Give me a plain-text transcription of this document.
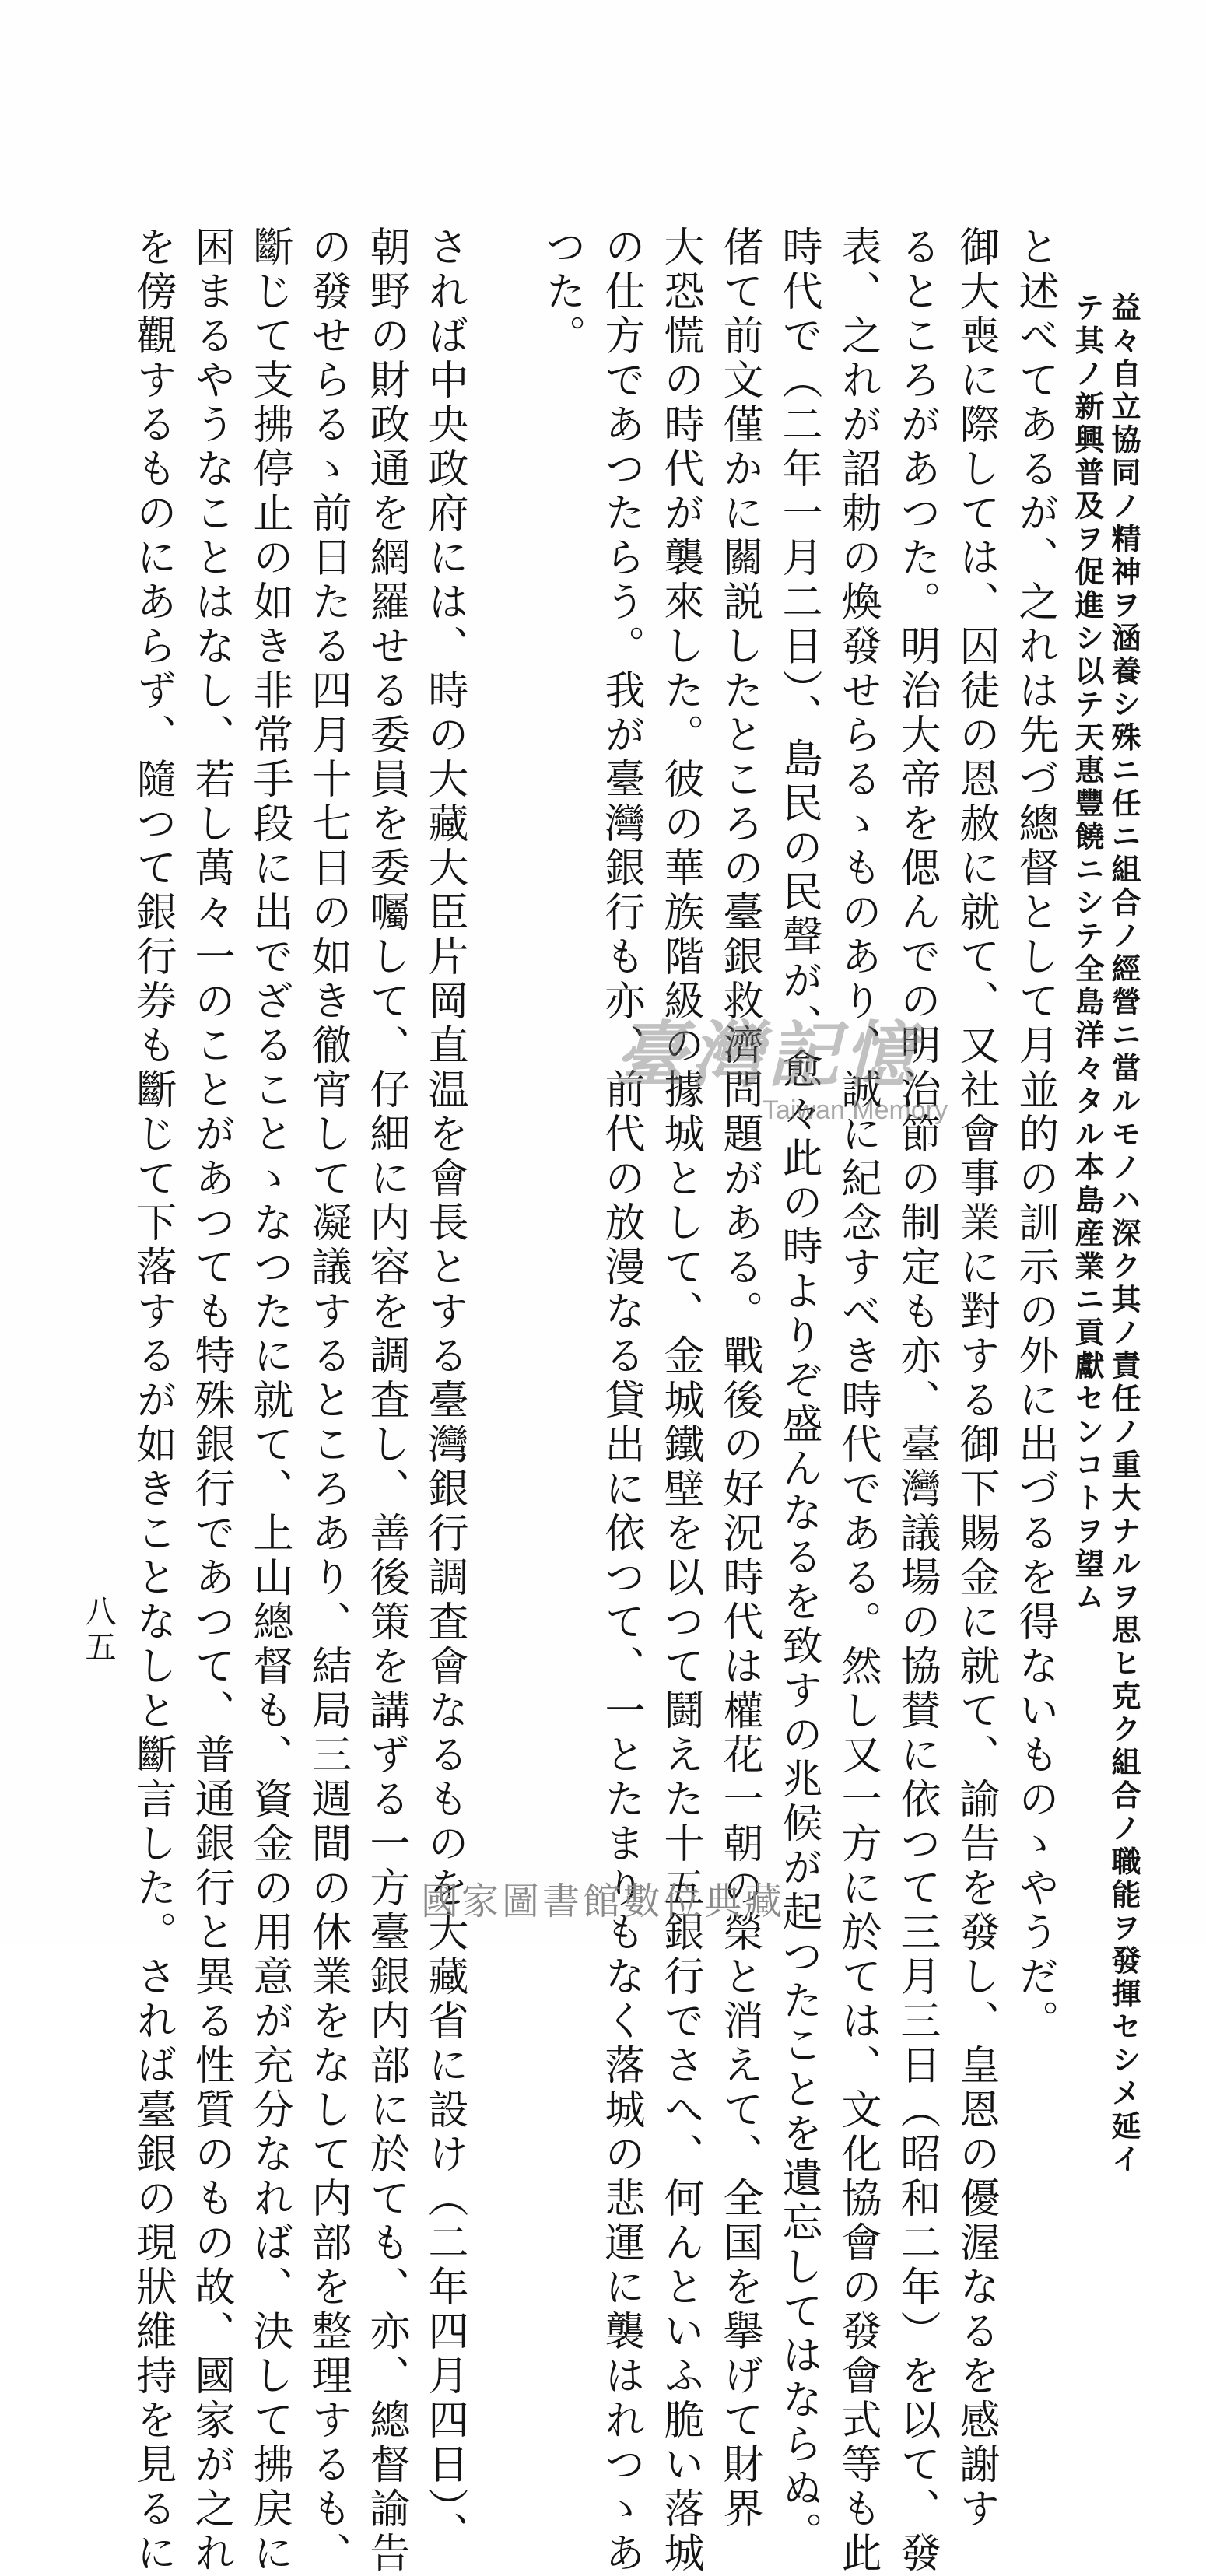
益々自立協同ノ精神ヲ涵養シ殊ニ任ニ組合ノ經營ニ當ルモノハ深ク其ノ責任ノ重大ナルヲ思ヒ克ク組合ノ職能ヲ發揮セシメ延イ
テ其ノ新興普及ヲ促進シ以テ天惠豐饒ニシテ全島洋々タル本島産業ニ貢獻センコトヲ望ム
と述べてあるが、之れは先づ總督として月並的の訓示の外に出づるを得ないものゝやうだ。
御大喪に際しては、囚徒の恩赦に就て、又社會事業に對する御下賜金に就て、諭告を發し、皇恩の優渥なるを感謝す
るところがあつた。明治大帝を偲んでの明治節の制定も亦、臺灣議場の協賛に依つて三月三日（昭和二年）を以て、發
表、之れが詔勅の煥發せらるゝものあり、誠に紀念すべき時代である。然し又一方に於ては、文化協會の發會式等も此
時代で（二年一月二日）、島民の民聲が、愈々此の時よりぞ盛んなるを致すの兆候が起つたことを遺忘してはならぬ。
偖て前文僅かに關説したところの臺銀救濟問題がある。戰後の好況時代は權花一朝の榮と消えて、全国を擧げて財界
大恐慌の時代が襲來した。彼の華族階級の據城として、金城鐵壁を以つて鬪えた十五銀行でさへ、何んといふ脆い落城
の仕方であつたらう。我が臺灣銀行も亦、前代の放漫なる貸出に依つて、一とたまりもなく落城の悲運に襲はれつゝあ
つた。
されば中央政府には、時の大藏大臣片岡直温を會長とする臺灣銀行調査會なるものを大藏省に設け（二年四月四日）、
朝野の財政通を網羅せる委員を委囑して、仔細に内容を調査し、善後策を講ずる一方臺銀内部に於ても、亦、總督諭告
の發せらるゝ前日たる四月十七日の如き徹宵して凝議するところあり、結局三週間の休業をなして内部を整理するも、
斷じて支拂停止の如き非常手段に出でざることゝなつたに就て、上山總督も、資金の用意が充分なれば、決して拂戻に
困まるやうなことはなし、若し萬々一のことがあつても特殊銀行であつて、普通銀行と異る性質のもの故、國家が之れ
を傍觀するものにあらず、隨つて銀行券も斷じて下落するが如きことなしと斷言した。されば臺銀の現狀維持を見るに
八五
臺灣記憶
Taiwan Memory
國家圖書館數位典藏
